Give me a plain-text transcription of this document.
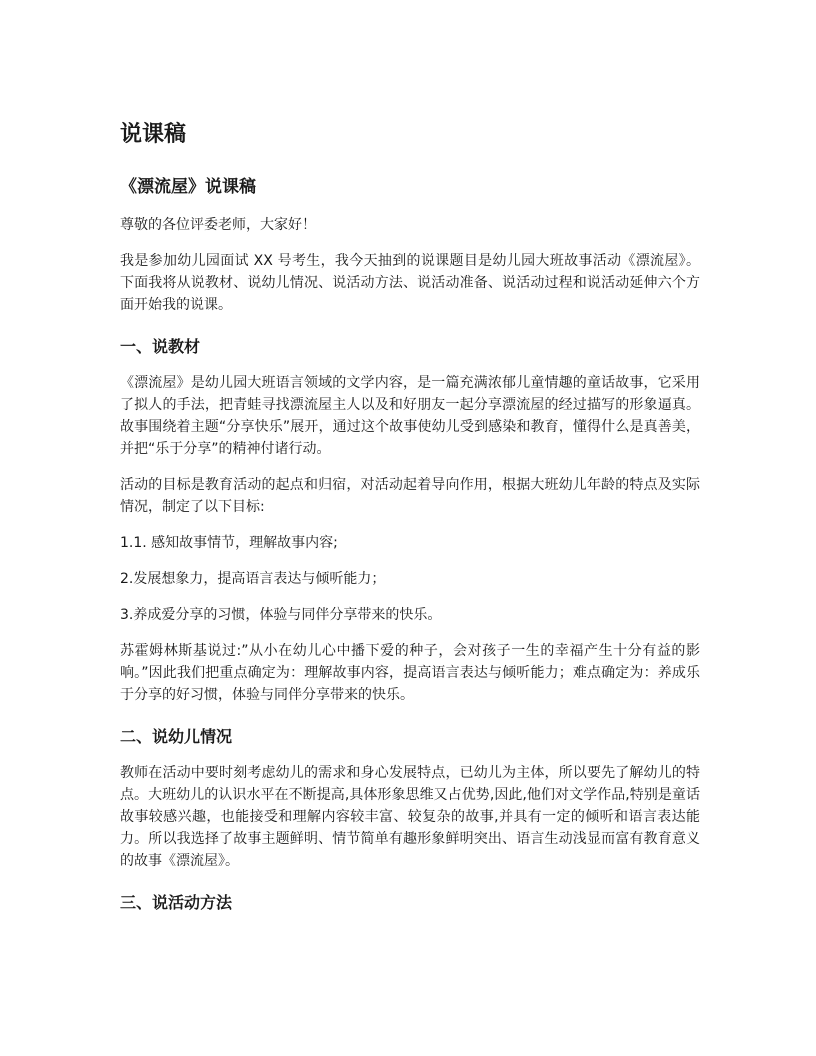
说课稿
《漂流屋》说课稿

尊敬的各位评委老师，大家好！

我是参加幼儿园面试 XX 号考生，我今天抽到的说课题目是幼儿园大班故事活动《漂流屋》。下面我将从说教材、说幼儿情况、说活动方法、说活动准备、说活动过程和说活动延伸六个方面开始我的说课。

一、说教材

《漂流屋》是幼儿园大班语言领域的文学内容，是一篇充满浓郁儿童情趣的童话故事，它采用了拟人的手法，把青蛙寻找漂流屋主人以及和好朋友一起分享漂流屋的经过描写的形象逼真。故事围绕着主题“分享快乐”展开，通过这个故事使幼儿受到感染和教育，懂得什么是真善美，并把“乐于分享”的精神付诸行动。

活动的目标是教育活动的起点和归宿，对活动起着导向作用，根据大班幼儿年龄的特点及实际情况，制定了以下目标:

1.1. 感知故事情节，理解故事内容;

2.发展想象力，提高语言表达与倾听能力；

3.养成爱分享的习惯，体验与同伴分享带来的快乐。

苏霍姆林斯基说过:”从小在幼儿心中播下爱的种子，会对孩子一生的幸福产生十分有益的影响。”因此我们把重点确定为：理解故事内容，提高语言表达与倾听能力；难点确定为：养成乐于分享的好习惯，体验与同伴分享带来的快乐。

二、说幼儿情况

教师在活动中要时刻考虑幼儿的需求和身心发展特点，已幼儿为主体，所以要先了解幼儿的特点。大班幼儿的认识水平在不断提高,具体形象思维又占优势,因此,他们对文学作品,特别是童话故事较感兴趣，也能接受和理解内容较丰富、较复杂的故事,并具有一定的倾听和语言表达能力。所以我选择了故事主题鲜明、情节简单有趣形象鲜明突出、语言生动浅显而富有教育意义的故事《漂流屋》。

三、说活动方法
